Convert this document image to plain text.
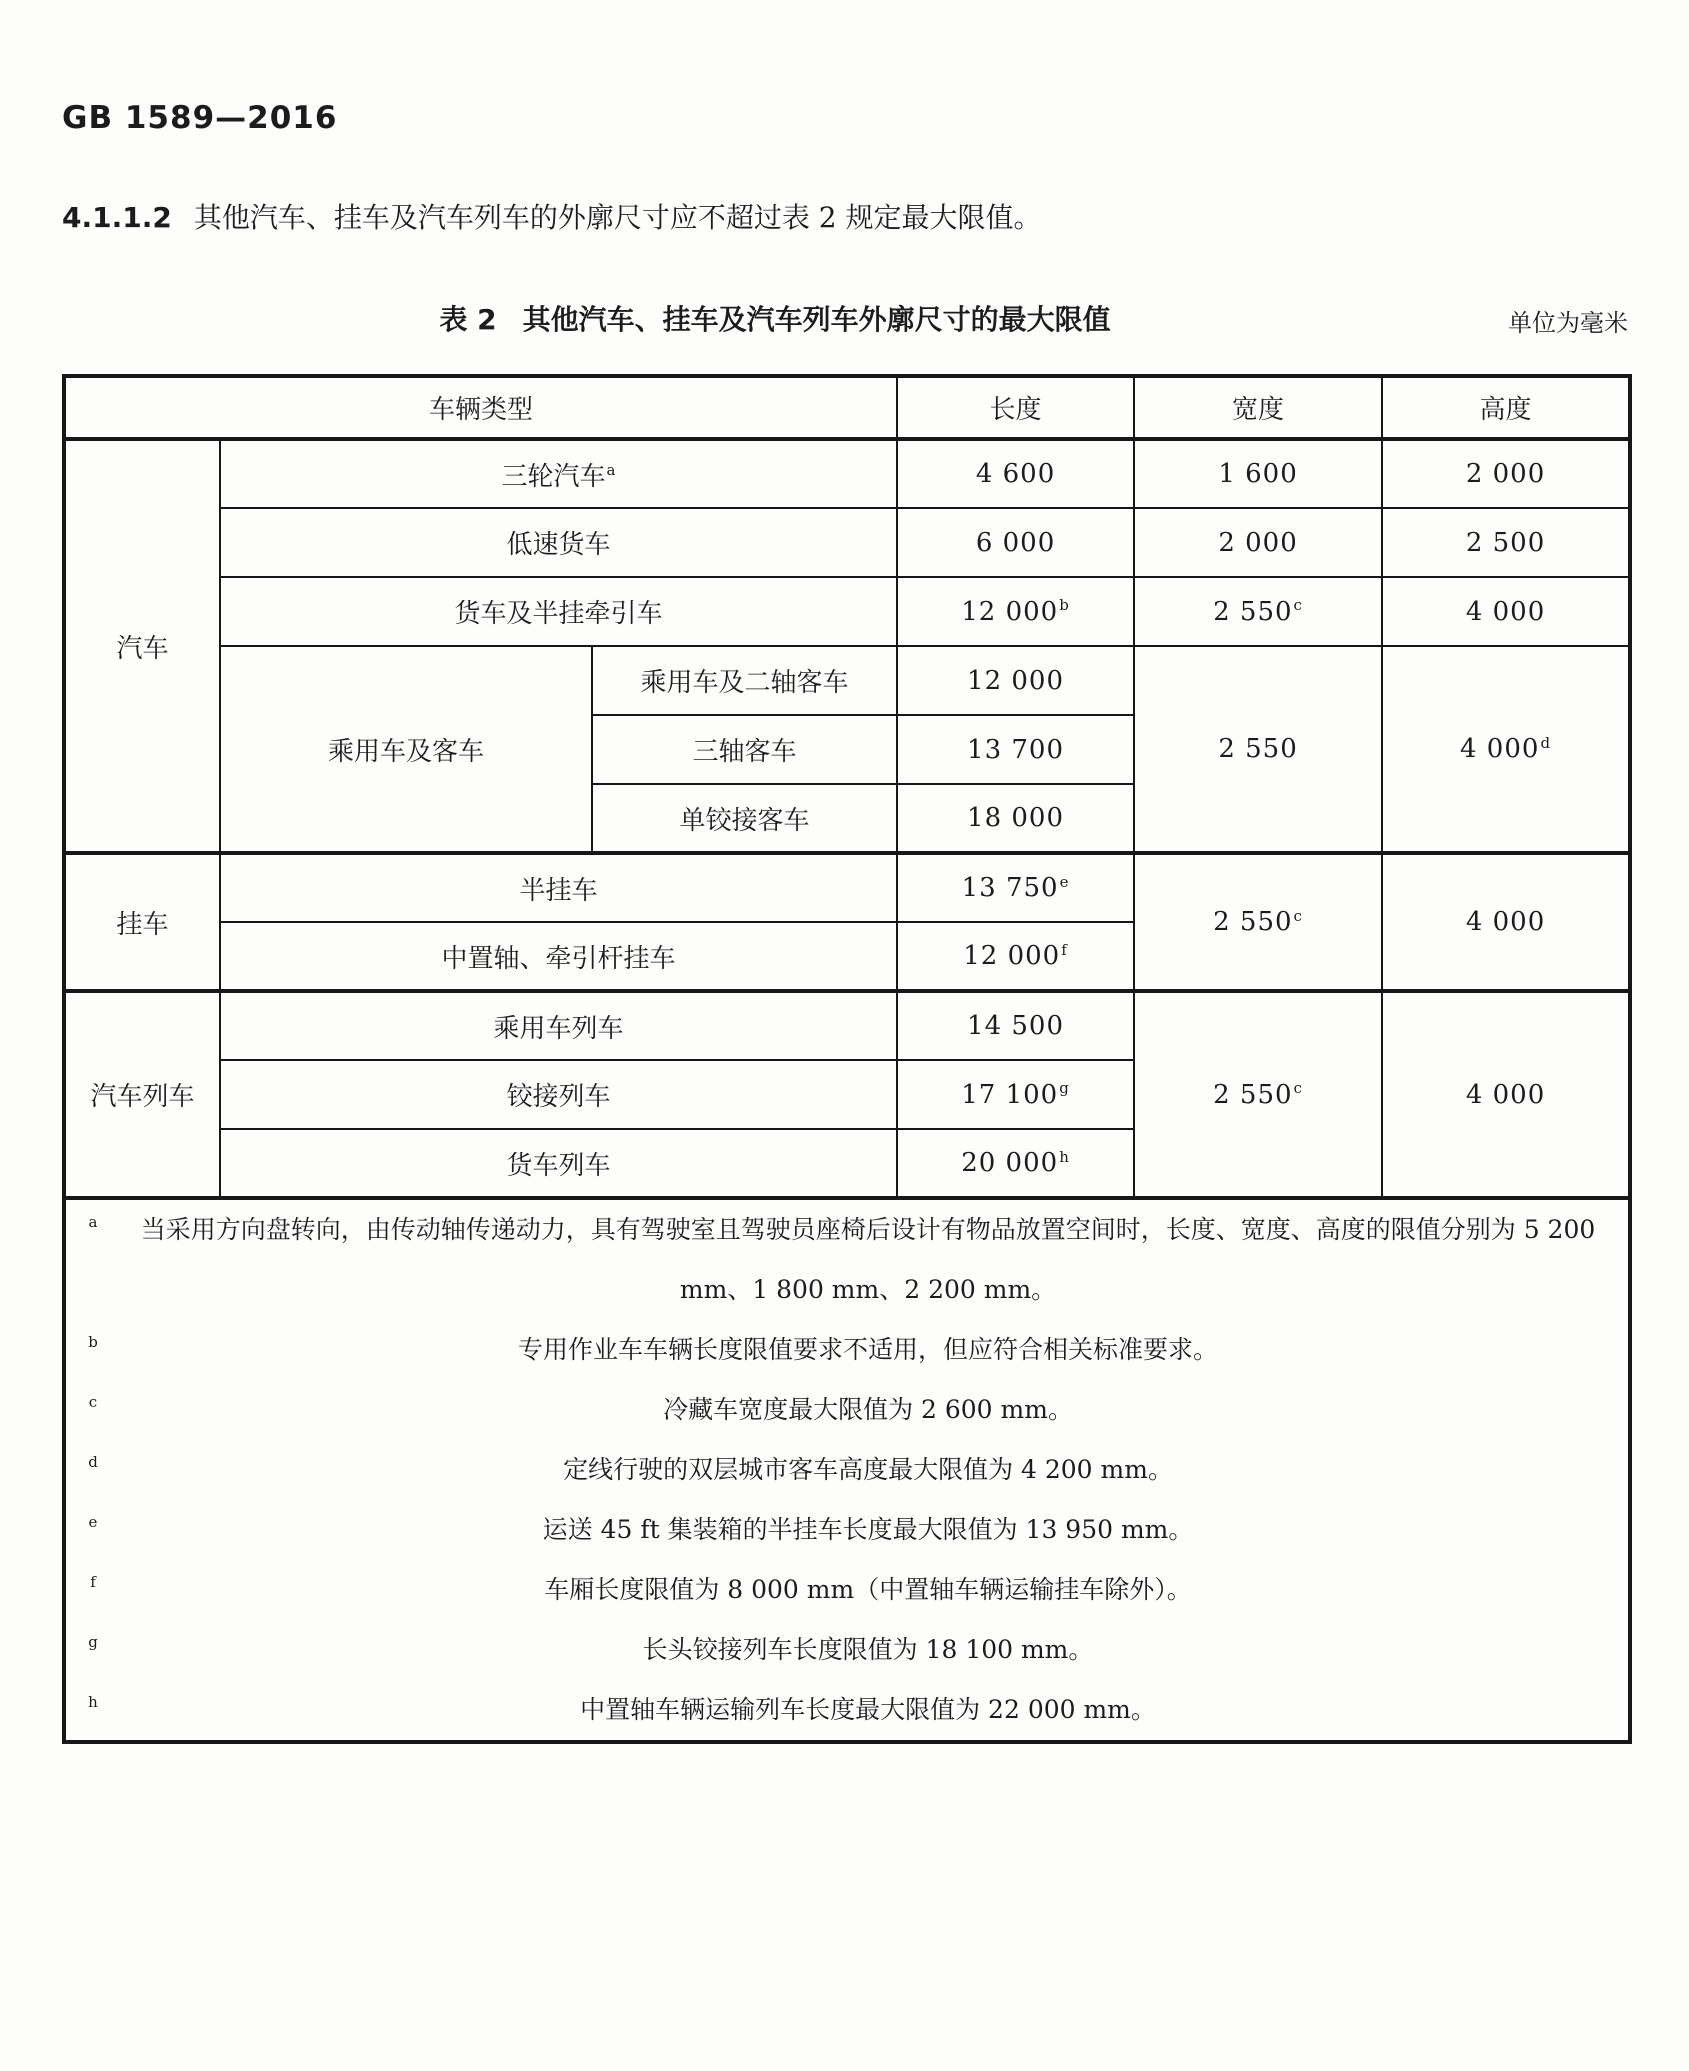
GB 1589—2016

4.1.1.2 其他汽车、挂车及汽车列车的外廓尺寸应不超过表 2 规定最大限值。

表 2 其他汽车、挂车及汽车列车外廓尺寸的最大限值	单位为毫米
车辆类型			长度	宽度	高度
汽车	三轮汽车$^a$		4 600	1 600	2 000
	低速货车		6 000	2 000	2 500
	货车及半挂牵引车		12 000$^b$	2 550$^c$	4 000
	乘用车及客车	乘用车及二轴客车	12 000	2 550	4 000$^d$
		三轴客车	13 700		
		单铰接客车	18 000		
挂车	半挂车		13 750e	2 550$^c$	4 000
	中置轴、牵引杆挂车		12 000$^f$
汽车列车	乘用车列车		14 500	2 550$^c$	4 000
	铰接列车		17 100$^g$
	货车列车		20 000$^h$

a	当采用方向盘转向，由传动轴传递动力，具有驾驶室且驾驶员座椅后设计有物品放置空间时，长度、宽度、高度的限值分别为 5 200 mm、1 800 mm、2 200 mm。
b	专用作业车车辆长度限值要求不适用，但应符合相关标准要求。
c	冷藏车宽度最大限值为 2 600 mm。
d	定线行驶的双层城市客车高度最大限值为 4 200 mm。
e	运送 45 ft 集装箱的半挂车长度最大限值为 13 950 mm。
f	车厢长度限值为 8 000 mm（中置轴车辆运输挂车除外）。
g	长头铰接列车长度限值为 18 100 mm。
h	中置轴车辆运输列车长度最大限值为 22 000 mm。
